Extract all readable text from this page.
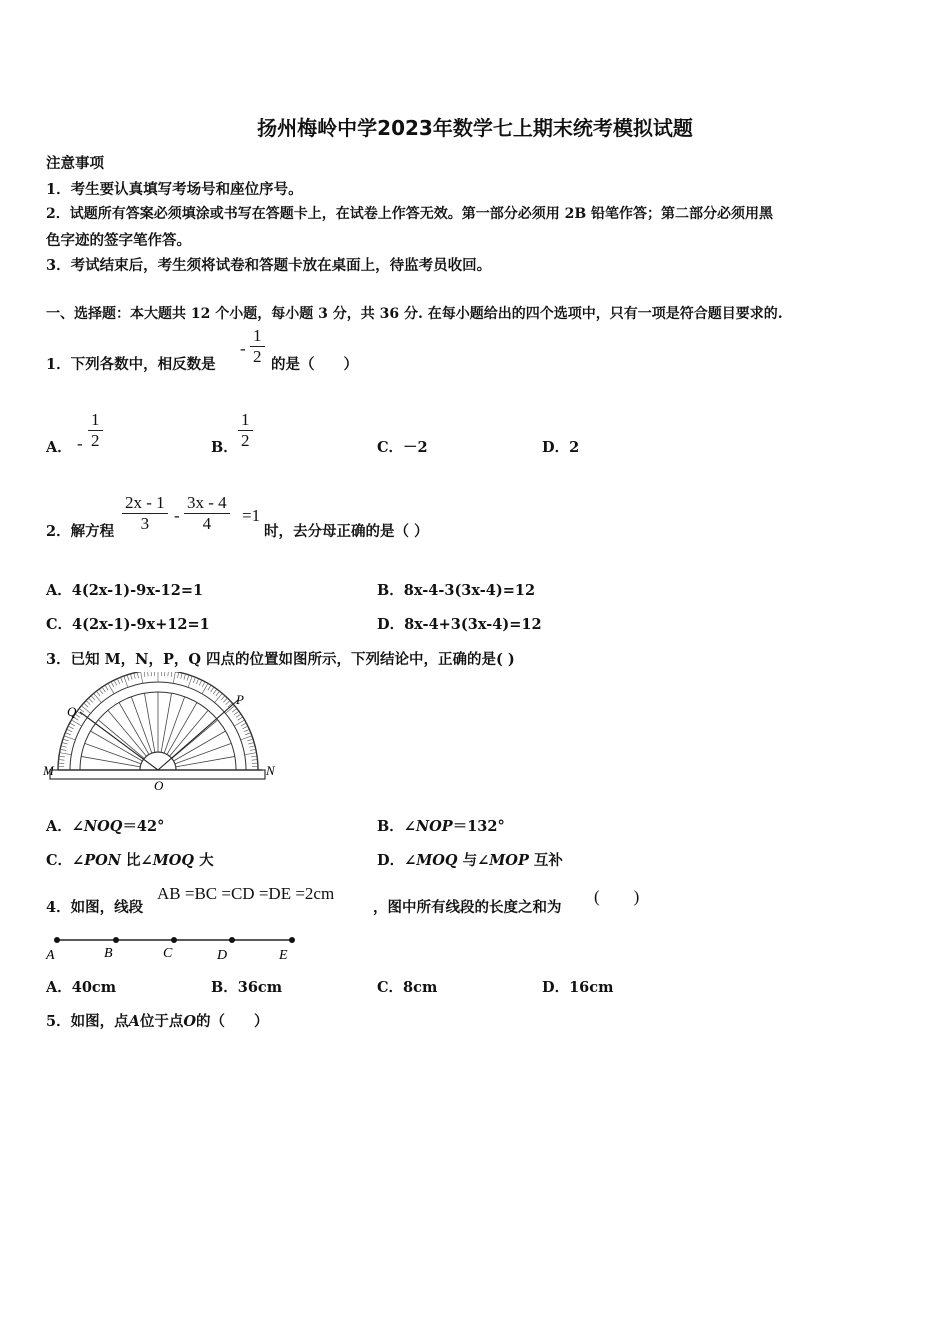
扬州梅岭中学2023年数学七上期末统考模拟试题
注意事项
1．考生要认真填写考场号和座位序号。
2．试题所有答案必须填涂或书写在答题卡上，在试卷上作答无效。第一部分必须用 2B 铅笔作答；第二部分必须用黑
色字迹的签字笔作答。
3．考试结束后，考生须将试卷和答题卡放在桌面上，待监考员收回。
一、选择题：本大题共 12 个小题，每小题 3 分，共 36 分. 在每小题给出的四个选项中，只有一项是符合题目要求的.
1．下列各数中，相反数是
- $\frac{1}{2}$ 的是（　　）
A． - $\frac{1}{2}$	B． $\frac{1}{2}$	C．－2	D．2
2．解方程 $\frac{2x - 1}{3} - \frac{3x - 4}{4} =1$
时，去分母正确的是（ ）
A．4(2x-1)-9x-12=1	B．8x-4-3(3x-4)=12
C．4(2x-1)-9x+12=1	D．8x-4+3(3x-4)=12
3．已知 M，N，P，Q 四点的位置如图所示，下列结论中，正确的是( )
M	N
O
P
Q
A．∠NOQ＝42°	B．∠NOP＝132°
C．∠PON 比∠MOQ 大	D．∠MOQ 与∠MOP 互补
4．如图，线段
AB =BC =CD =DE =2cm
，图中所有线段的长度之和为
(　　)
A	B	C	D	E
A．40cm	B．36cm	C．8cm	D．16cm
5．如图，点A位于点O的（　　）
